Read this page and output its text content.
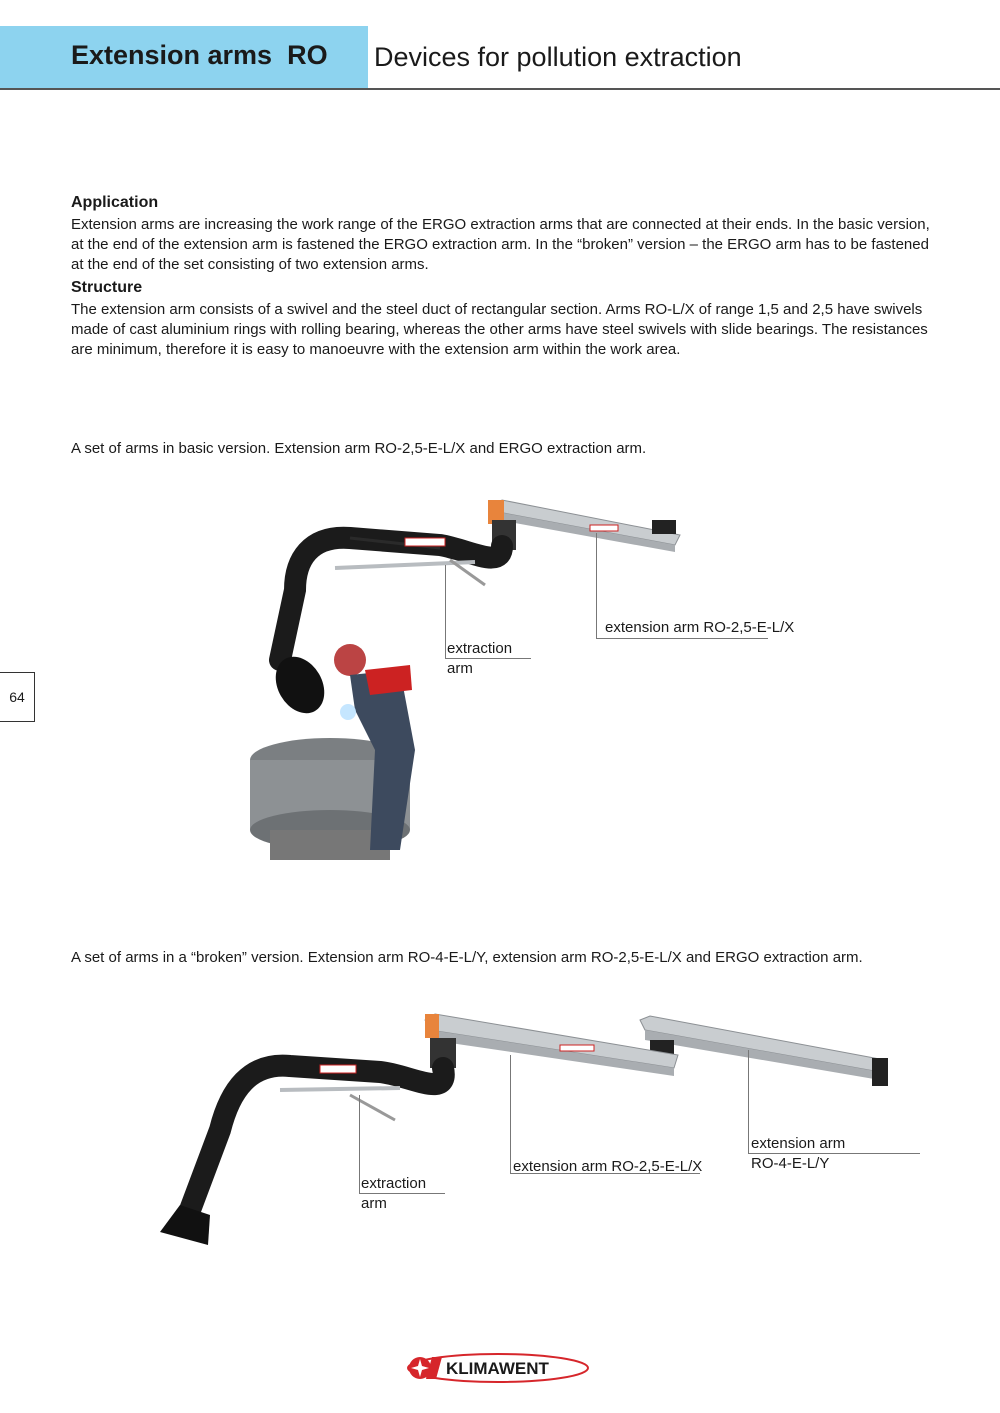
Extension arms  RO Devices for pollution extraction
Application
Extension arms are increasing the work range of the ERGO extraction arms that are connected at their ends. In the basic version, at the end of the extension arm is fastened the ERGO extraction arm. In the “broken” version – the ERGO arm has to be fastened at the end of the set consisting of two extension arms.
Structure
The extension arm consists of a swivel and the steel duct of rectangular section. Arms RO-L/X of range 1,5 and 2,5 have swivels made of cast aluminium rings with rolling bearing, whereas the other arms have steel swivels with slide bearings. The resistances are minimum, therefore it is easy to manoeuvre with the extension arm within the work area.
A set of arms in basic version. Extension arm RO-2,5-E-L/X and ERGO extraction arm.
64
extraction
arm
extension arm RO-2,5-E-L/X
A set of arms in a “broken” version. Extension arm RO-4-E-L/Y, extension arm RO-2,5-E-L/X and ERGO extraction arm.
extraction
arm
extension arm RO-2,5-E-L/X
extension arm
RO-4-E-L/Y
KLIMAWENT
